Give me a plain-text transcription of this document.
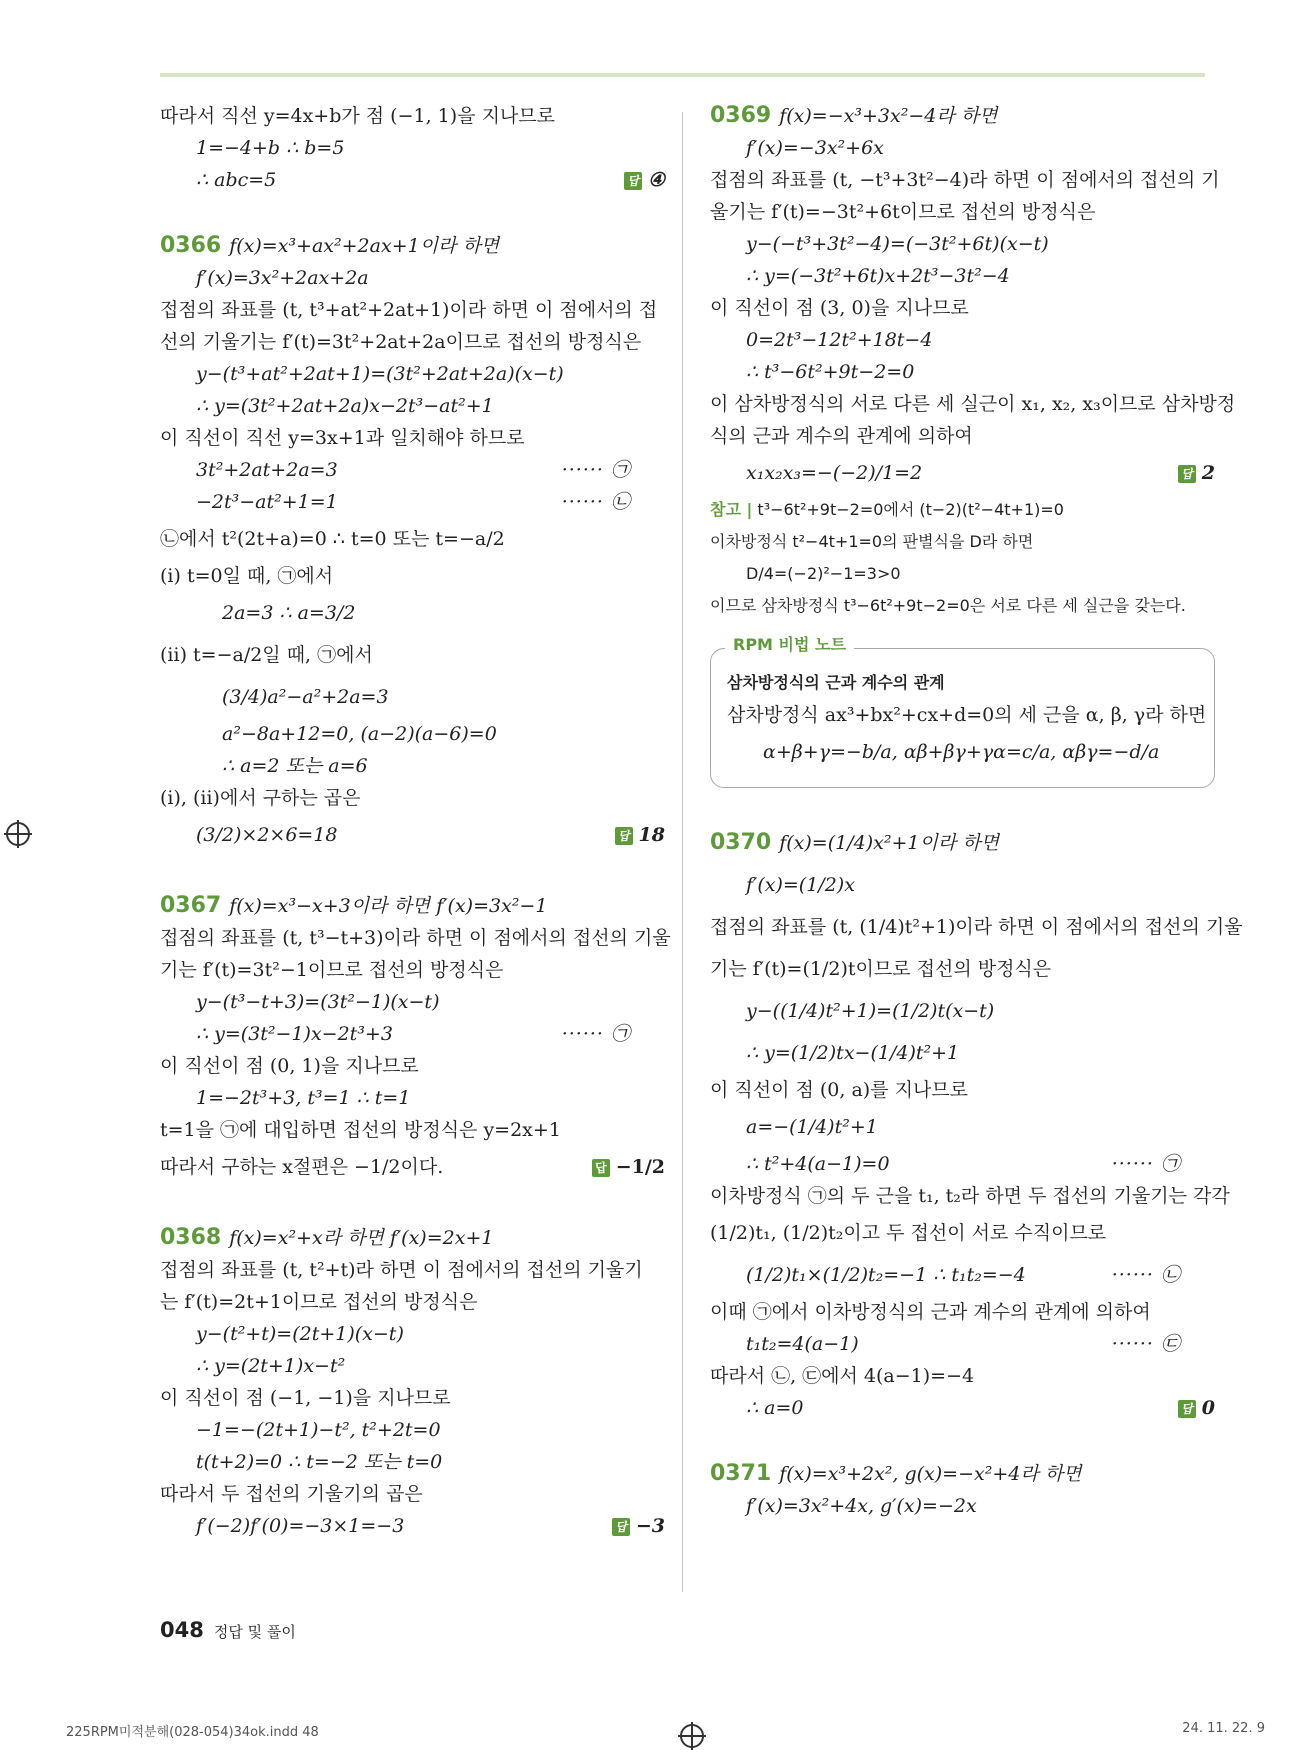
따라서 직선 y=4x+b가 점 (−1, 1)을 지나므로
1=−4+b ∴ b=5
∴ abc=5	답 ④
0366 f(x)=x³+ax²+2ax+1이라 하면
f′(x)=3x²+2ax+2a
접점의 좌표를 (t, t³+at²+2at+1)이라 하면 이 점에서의 접
선의 기울기는 f′(t)=3t²+2at+2a이므로 접선의 방정식은
y−(t³+at²+2at+1)=(3t²+2at+2a)(x−t)
∴ y=(3t²+2at+2a)x−2t³−at²+1
이 직선이 직선 y=3x+1과 일치해야 하므로
3t²+2at+2a=3	······ ㉠
−2t³−at²+1=1	······ ㉡
㉡에서 t²(2t+a)=0 ∴ t=0 또는 t=−a/2
(ⅰ) t=0일 때, ㉠에서
2a=3 ∴ a=3/2
(ⅱ) t=−a/2일 때, ㉠에서
(3/4)a²−a²+2a=3
a²−8a+12=0, (a−2)(a−6)=0
∴ a=2 또는 a=6
(ⅰ), (ⅱ)에서 구하는 곱은
(3/2)×2×6=18	답 18
0367 f(x)=x³−x+3이라 하면 f′(x)=3x²−1
접점의 좌표를 (t, t³−t+3)이라 하면 이 점에서의 접선의 기울
기는 f′(t)=3t²−1이므로 접선의 방정식은
y−(t³−t+3)=(3t²−1)(x−t)
∴ y=(3t²−1)x−2t³+3	······ ㉠
이 직선이 점 (0, 1)을 지나므로
1=−2t³+3, t³=1 ∴ t=1
t=1을 ㉠에 대입하면 접선의 방정식은 y=2x+1
따라서 구하는 x절편은 −1/2이다.	답 −1/2
0368 f(x)=x²+x라 하면 f′(x)=2x+1
접점의 좌표를 (t, t²+t)라 하면 이 점에서의 접선의 기울기
는 f′(t)=2t+1이므로 접선의 방정식은
y−(t²+t)=(2t+1)(x−t)
∴ y=(2t+1)x−t²
이 직선이 점 (−1, −1)을 지나므로
−1=−(2t+1)−t², t²+2t=0
t(t+2)=0 ∴ t=−2 또는 t=0
따라서 두 접선의 기울기의 곱은
f′(−2)f′(0)=−3×1=−3	답 −3
0369 f(x)=−x³+3x²−4라 하면
f′(x)=−3x²+6x
접점의 좌표를 (t, −t³+3t²−4)라 하면 이 점에서의 접선의 기
울기는 f′(t)=−3t²+6t이므로 접선의 방정식은
y−(−t³+3t²−4)=(−3t²+6t)(x−t)
∴ y=(−3t²+6t)x+2t³−3t²−4
이 직선이 점 (3, 0)을 지나므로
0=2t³−12t²+18t−4
∴ t³−6t²+9t−2=0
이 삼차방정식의 서로 다른 세 실근이 x₁, x₂, x₃이므로 삼차방정
식의 근과 계수의 관계에 의하여
x₁x₂x₃=−(−2)/1=2	답 2
참고 | t³−6t²+9t−2=0에서 (t−2)(t²−4t+1)=0
이차방정식 t²−4t+1=0의 판별식을 D라 하면
D/4=(−2)²−1=3>0
이므로 삼차방정식 t³−6t²+9t−2=0은 서로 다른 세 실근을 갖는다.
RPM 비법 노트
삼차방정식의 근과 계수의 관계
삼차방정식 ax³+bx²+cx+d=0의 세 근을 α, β, γ라 하면
α+β+γ=−b/a, αβ+βγ+γα=c/a, αβγ=−d/a
0370 f(x)=(1/4)x²+1이라 하면
f′(x)=(1/2)x
접점의 좌표를 (t, (1/4)t²+1)이라 하면 이 점에서의 접선의 기울
기는 f′(t)=(1/2)t이므로 접선의 방정식은
y−((1/4)t²+1)=(1/2)t(x−t)
∴ y=(1/2)tx−(1/4)t²+1
이 직선이 점 (0, a)를 지나므로
a=−(1/4)t²+1
∴ t²+4(a−1)=0	······ ㉠
이차방정식 ㉠의 두 근을 t₁, t₂라 하면 두 접선의 기울기는 각각
(1/2)t₁, (1/2)t₂이고 두 접선이 서로 수직이므로
(1/2)t₁×(1/2)t₂=−1 ∴ t₁t₂=−4	······ ㉡
이때 ㉠에서 이차방정식의 근과 계수의 관계에 의하여
t₁t₂=4(a−1)	······ ㉢
따라서 ㉡, ㉢에서 4(a−1)=−4
∴ a=0	답 0
0371 f(x)=x³+2x², g(x)=−x²+4라 하면
f′(x)=3x²+4x, g′(x)=−2x
048 정답 및 풀이
225RPM미적분해(028-054)34ok.indd 48	24. 11. 22. 9
